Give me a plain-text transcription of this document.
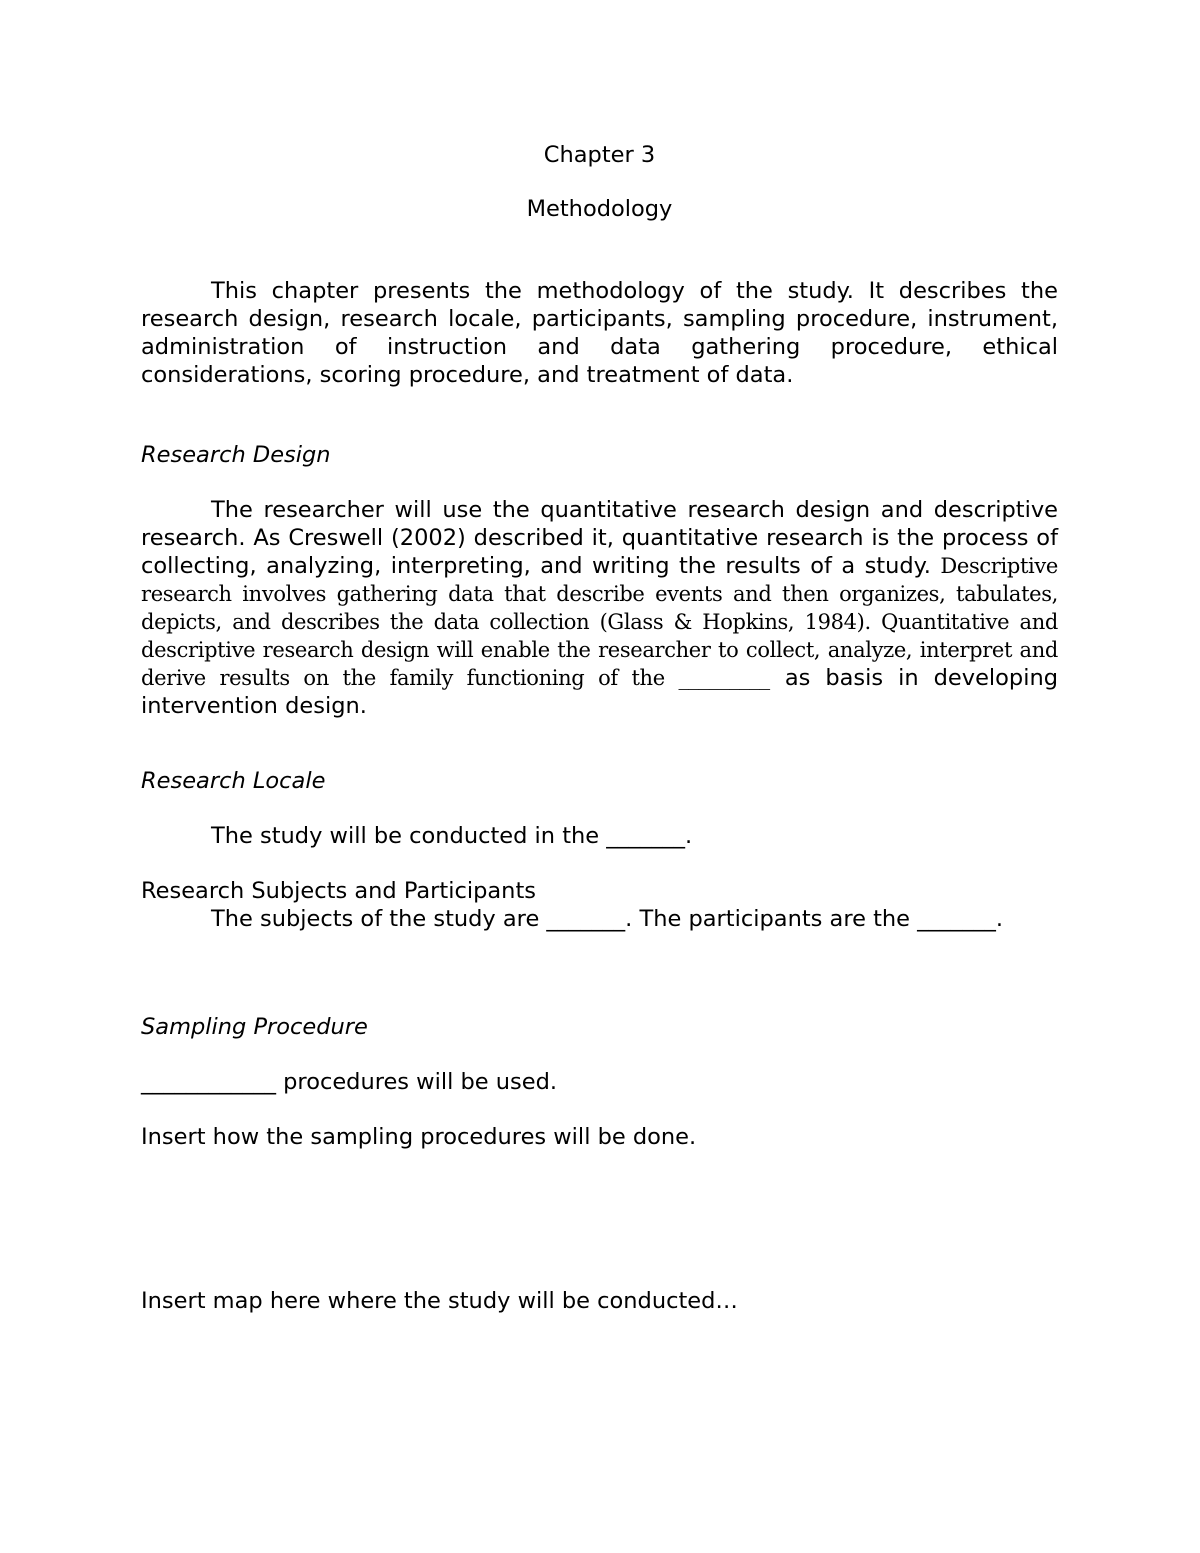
Chapter 3

Methodology

This chapter presents the methodology of the study. It describes the research design, research locale, participants, sampling procedure, instrument, administration of instruction and data gathering procedure, ethical considerations, scoring procedure, and treatment of data.

Research Design

The researcher will use the quantitative research design and descriptive research. As Creswell (2002) described it, quantitative research is the process of collecting, analyzing, interpreting, and writing the results of a study. Descriptive research involves gathering data that describe events and then organizes, tabulates, depicts, and describes the data collection (Glass & Hopkins, 1984). Quantitative and descriptive research design will enable the researcher to collect, analyze, interpret and derive results on the family functioning of the _________ as basis in developing intervention design.

Research Locale

The study will be conducted in the _______.

Research Subjects and Participants

The subjects of the study are _______. The participants are the _______.

Sampling Procedure

____________ procedures will be used.

Insert how the sampling procedures will be done.

Insert map here where the study will be conducted…
